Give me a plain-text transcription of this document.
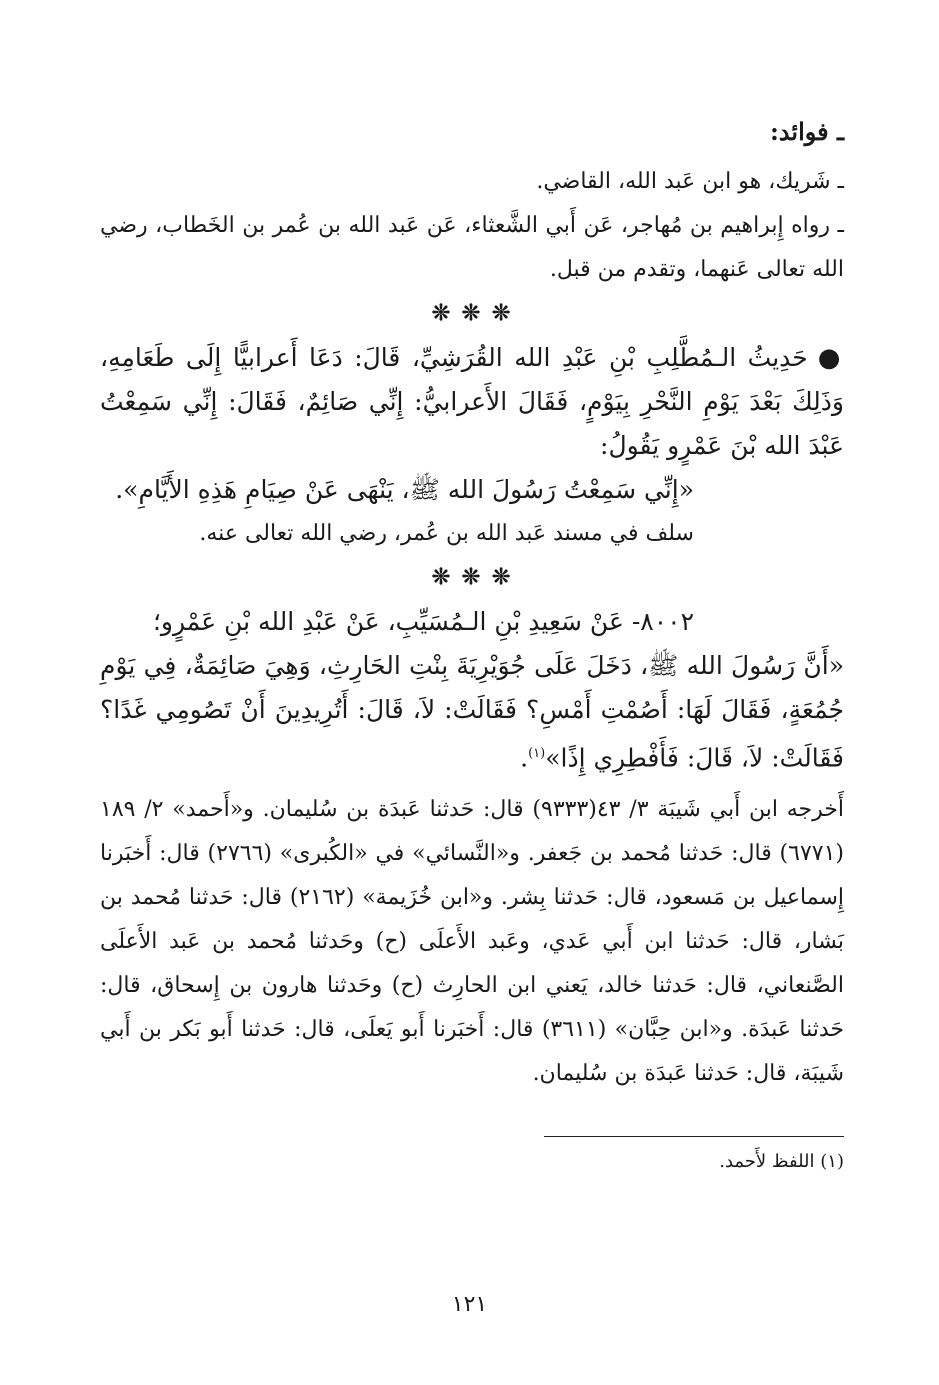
ـ فوائد:

ـ شَريك، هو ابن عَبد الله، القاضي.

ـ رواه إِبراهيم بن مُهاجر، عَن أَبي الشَّعثاء، عَن عَبد الله بن عُمر بن الخَطاب، رضي الله تعالى عَنهما، وتقدم من قبل.

❊ ❊ ❊

●حَدِيثُ الـمُطَّلِبِ بْنِ عَبْدِ الله القُرَشِيِّ، قَالَ: دَعَا أَعرابيًّا إِلَى طَعَامِهِ، وَذَلِكَ بَعْدَ يَوْمِ النَّحْرِ بِيَوْمٍ، فَقَالَ الأَعرابيُّ: إِنِّي صَائِمٌ، فَقَالَ: إِنِّي سَمِعْتُ عَبْدَ الله بْنَ عَمْرٍو يَقُولُ:

«إِنِّي سَمِعْتُ رَسُولَ الله ﷺ، يَنْهَى عَنْ صِيَامِ هَذِهِ الأَيَّامِ».

سلف في مسند عَبد الله بن عُمر، رضي الله تعالى عنه.

❊ ❊ ❊

٨٠٠٢- عَنْ سَعِيدِ بْنِ الـمُسَيِّبِ، عَنْ عَبْدِ الله بْنِ عَمْرٍو؛

«أَنَّ رَسُولَ الله ﷺ، دَخَلَ عَلَى جُوَيْرِيَةَ بِنْتِ الحَارِثِ، وَهِيَ صَائِمَةٌ، فِي يَوْمِ جُمُعَةٍ، فَقَالَ لَهَا: أَصُمْتِ أَمْسِ؟ فَقَالَتْ: لاَ، قَالَ: أَتُرِيدِينَ أَنْ تَصُومِي غَدًا؟ فَقَالَتْ: لاَ، قَالَ: فَأَفْطِرِي إِذًا»$^{(١)}$.

أَخرجه ابن أَبي شَيبَة ٣/ ٤٣(٩٣٣٣) قال: حَدثنا عَبدَة بن سُليمان. و«أَحمد» ٢/ ١٨٩ (٦٧٧١) قال: حَدثنا مُحمد بن جَعفر. و«النَّسائي» في «الكُبرى» (٢٧٦٦) قال: أَخبَرنا إِسماعيل بن مَسعود، قال: حَدثنا بِشر. و«ابن خُزَيمة» (٢١٦٢) قال: حَدثنا مُحمد بن بَشار، قال: حَدثنا ابن أَبي عَدي، وعَبد الأَعلَى (ح) وحَدثنا مُحمد بن عَبد الأَعلَى الصَّنعاني، قال: حَدثنا خالد، يَعني ابن الحارِث (ح) وحَدثنا هارون بن إِسحاق، قال: حَدثنا عَبدَة. و«ابن حِبَّان» (٣٦١١) قال: أَخبَرنا أَبو يَعلَى، قال: حَدثنا أَبو بَكر بن أَبي شَيبَة، قال: حَدثنا عَبدَة بن سُليمان.

(١) اللفظ لأَحمد.

١٢١
